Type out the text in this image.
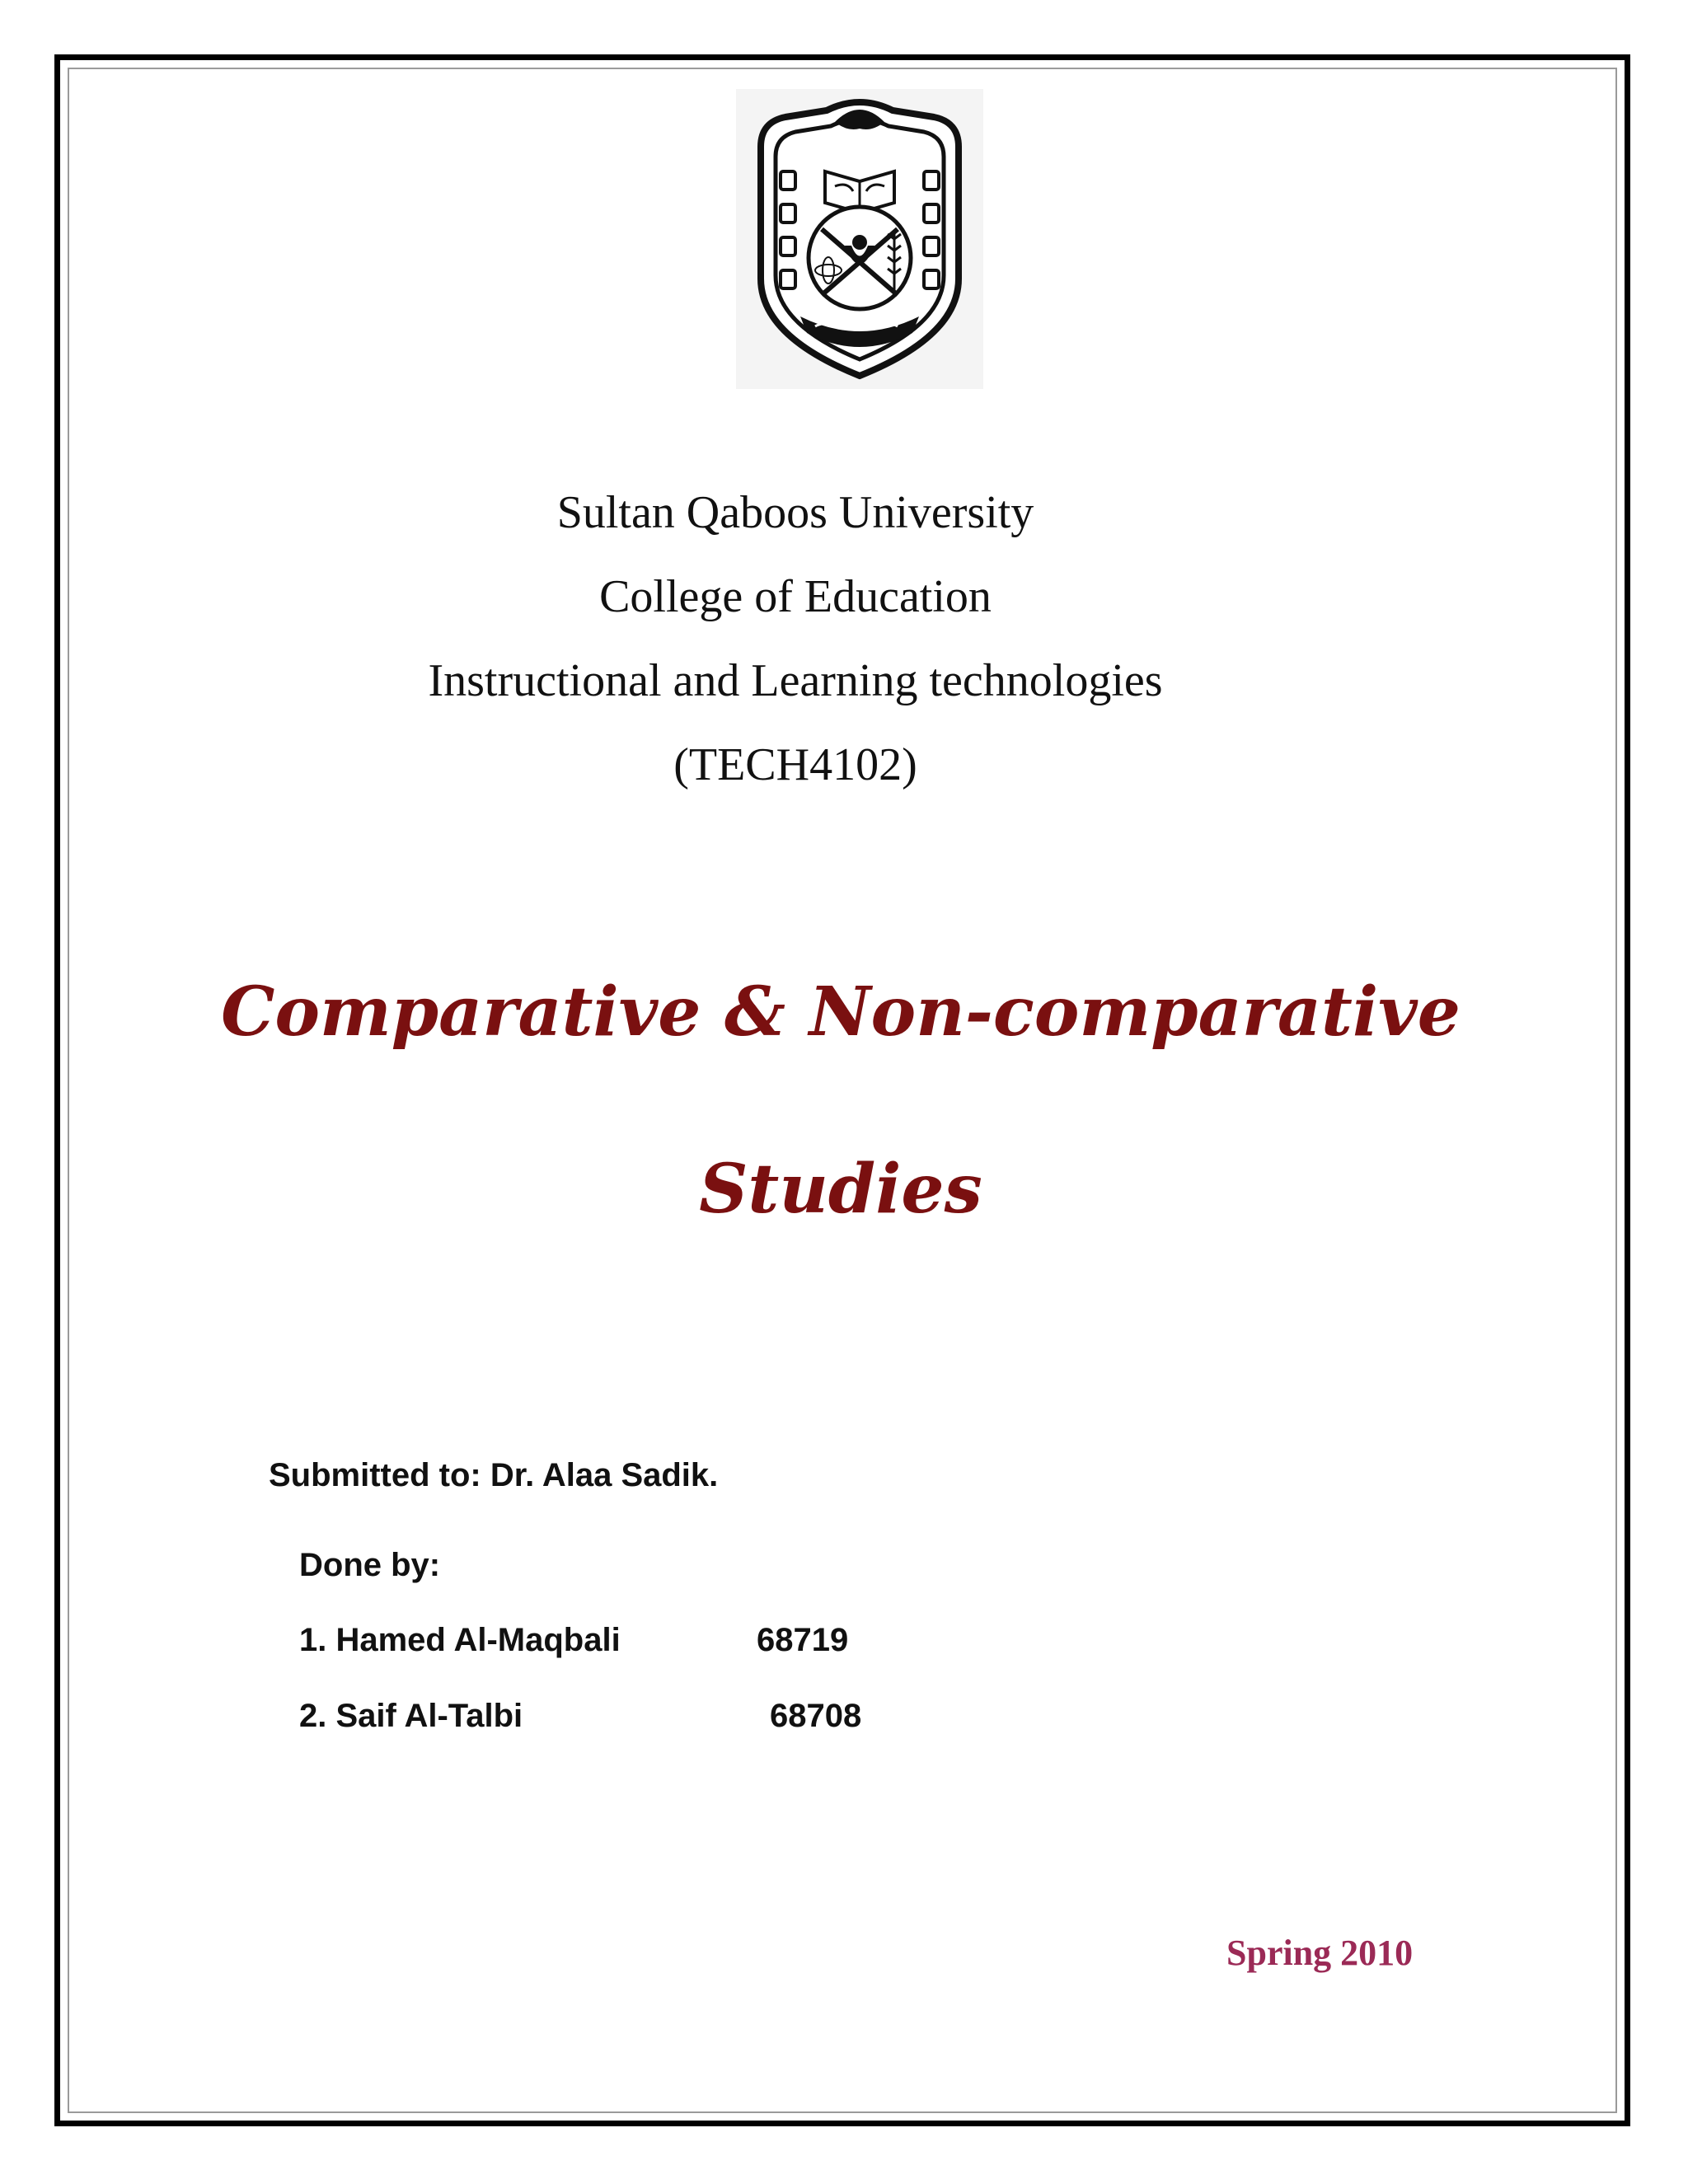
Sultan Qaboos University
College of Education
Instructional and Learning technologies
(TECH4102)
Comparative & Non-comparative
Studies
Submitted to: Dr. Alaa Sadik.
Done by:
1. Hamed Al-Maqbali	68719
2. Saif Al-Talbi	68708
Spring 2010
